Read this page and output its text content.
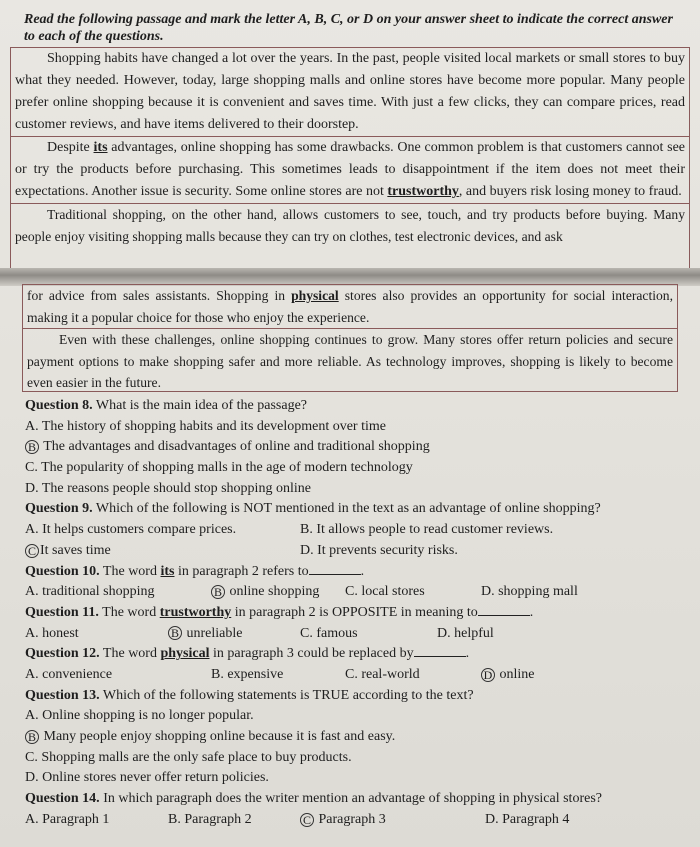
Read the following passage and mark the letter A, B, C, or D on your answer sheet to indicate the correct answer to each of the questions.

Shopping habits have changed a lot over the years. In the past, people visited local markets or small stores to buy what they needed. However, today, large shopping malls and online stores have become more popular. Many people prefer online shopping because it is convenient and saves time. With just a few clicks, they can compare prices, read customer reviews, and have items delivered to their doorstep.

Despite its advantages, online shopping has some drawbacks. One common problem is that customers cannot see or try the products before purchasing. This sometimes leads to disappointment if the item does not meet their expectations. Another issue is security. Some online stores are not trustworthy, and buyers risk losing money to fraud.

Traditional shopping, on the other hand, allows customers to see, touch, and try products before buying. Many people enjoy visiting shopping malls because they can try on clothes, test electronic devices, and ask

for advice from sales assistants. Shopping in physical stores also provides an opportunity for social interaction, making it a popular choice for those who enjoy the experience.

Even with these challenges, online shopping continues to grow. Many stores offer return policies and secure payment options to make shopping safer and more reliable. As technology improves, shopping is likely to become even easier in the future.

Question 8. What is the main idea of the passage?
A. The history of shopping habits and its development over time
B The advantages and disadvantages of online and traditional shopping
C. The popularity of shopping malls in the age of modern technology
D. The reasons people should stop shopping online
Question 9. Which of the following is NOT mentioned in the text as an advantage of online shopping?
A. It helps customers compare prices.	B. It allows people to read customer reviews.
C It saves time	D. It prevents security risks.
Question 10. The word its in paragraph 2 refers to	.
A. traditional shopping	B online shopping C. local stores	D. shopping mall
Question 11. The word trustworthy in paragraph 2 is OPPOSITE in meaning to	.
A. honest	B unreliable	C. famous	D. helpful
Question 12. The word physical in paragraph 3 could be replaced by	.
A. convenience	B. expensive	C. real-world	D online
Question 13. Which of the following statements is TRUE according to the text?
A. Online shopping is no longer popular.
B Many people enjoy shopping online because it is fast and easy.
C. Shopping malls are the only safe place to buy products.
D. Online stores never offer return policies.
Question 14. In which paragraph does the writer mention an advantage of shopping in physical stores?
A. Paragraph 1	B. Paragraph 2	C Paragraph 3	D. Paragraph 4
